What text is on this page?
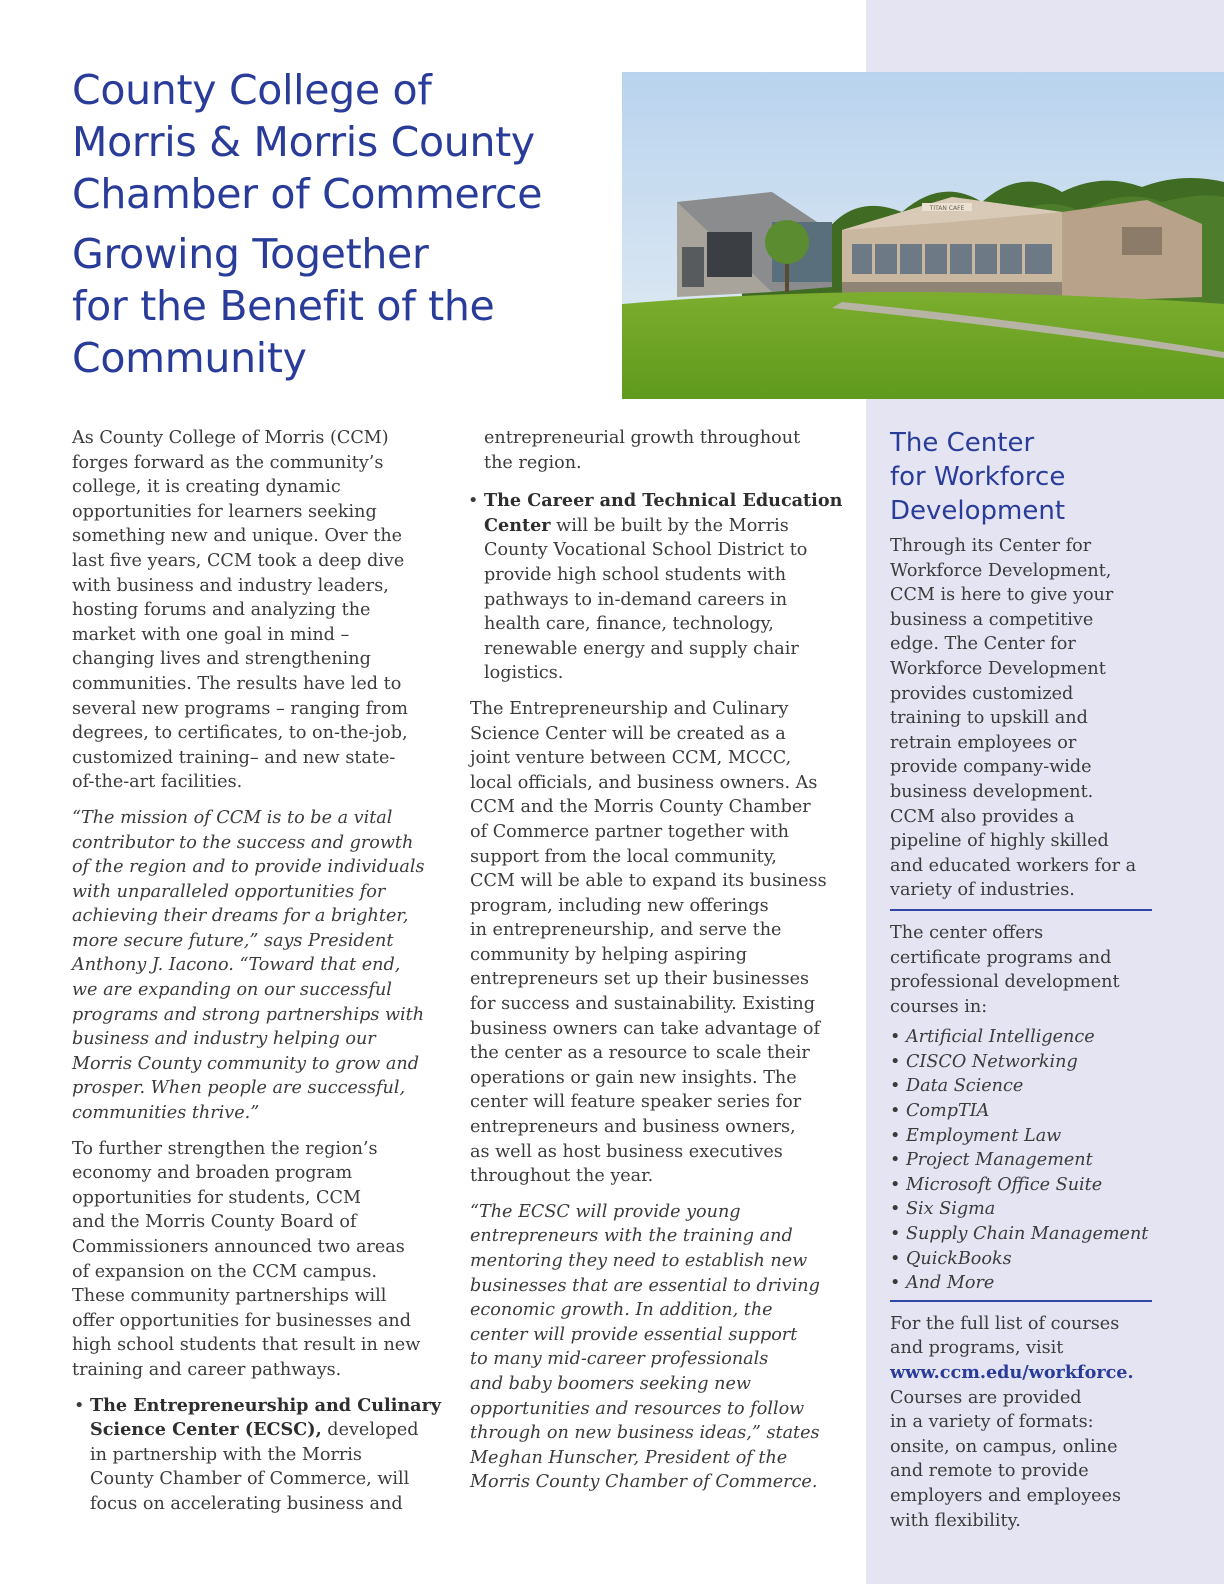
County College of
Morris & Morris County
Chamber of Commerce
Growing Together
for the Benefit of the
Community
TITAN CAFE

As County College of Morris (CCM)
forges forward as the community’s
college, it is creating dynamic
opportunities for learners seeking
something new and unique. Over the
last five years, CCM took a deep dive
with business and industry leaders,
hosting forums and analyzing the
market with one goal in mind –
changing lives and strengthening
communities. The results have led to
several new programs – ranging from
degrees, to certificates, to on-the-job,
customized training– and new state-
of-the-art facilities.

“The mission of CCM is to be a vital
contributor to the success and growth
of the region and to provide individuals
with unparalleled opportunities for
achieving their dreams for a brighter,
more secure future,” says President
Anthony J. Iacono. “Toward that end,
we are expanding on our successful
programs and strong partnerships with
business and industry helping our
Morris County community to grow and
prosper. When people are successful,
communities thrive.”

To further strengthen the region’s
economy and broaden program
opportunities for students, CCM
and the Morris County Board of
Commissioners announced two areas
of expansion on the CCM campus.
These community partnerships will
offer opportunities for businesses and
high school students that result in new
training and career pathways.

• The Entrepreneurship and Culinary
Science Center (ECSC), developed
in partnership with the Morris
County Chamber of Commerce, will
focus on accelerating business and

entrepreneurial growth throughout
the region.

• The Career and Technical Education
Center will be built by the Morris
County Vocational School District to
provide high school students with
pathways to in-demand careers in
health care, finance, technology,
renewable energy and supply chair
logistics.

The Entrepreneurship and Culinary
Science Center will be created as a
joint venture between CCM, MCCC,
local officials, and business owners. As
CCM and the Morris County Chamber
of Commerce partner together with
support from the local community,
CCM will be able to expand its business
program, including new offerings
in entrepreneurship, and serve the
community by helping aspiring
entrepreneurs set up their businesses
for success and sustainability. Existing
business owners can take advantage of
the center as a resource to scale their
operations or gain new insights. The
center will feature speaker series for
entrepreneurs and business owners,
as well as host business executives
throughout the year.

“The ECSC will provide young
entrepreneurs with the training and
mentoring they need to establish new
businesses that are essential to driving
economic growth. In addition, the
center will provide essential support
to many mid-career professionals
and baby boomers seeking new
opportunities and resources to follow
through on new business ideas,” states
Meghan Hunscher, President of the
Morris County Chamber of Commerce.

The Center
for Workforce
Development

Through its Center for
Workforce Development,
CCM is here to give your
business a competitive
edge. The Center for
Workforce Development
provides customized
training to upskill and
retrain employees or
provide company-wide
business development.
CCM also provides a
pipeline of highly skilled
and educated workers for a
variety of industries.

The center offers
certificate programs and
professional development
courses in:

• Artificial Intelligence
• CISCO Networking
• Data Science
• CompTIA
• Employment Law
• Project Management
• Microsoft Office Suite
• Six Sigma
• Supply Chain Management
• QuickBooks
• And More

For the full list of courses
and programs, visit
www.ccm.edu/workforce.
Courses are provided
in a variety of formats:
onsite, on campus, online
and remote to provide
employers and employees
with flexibility.
